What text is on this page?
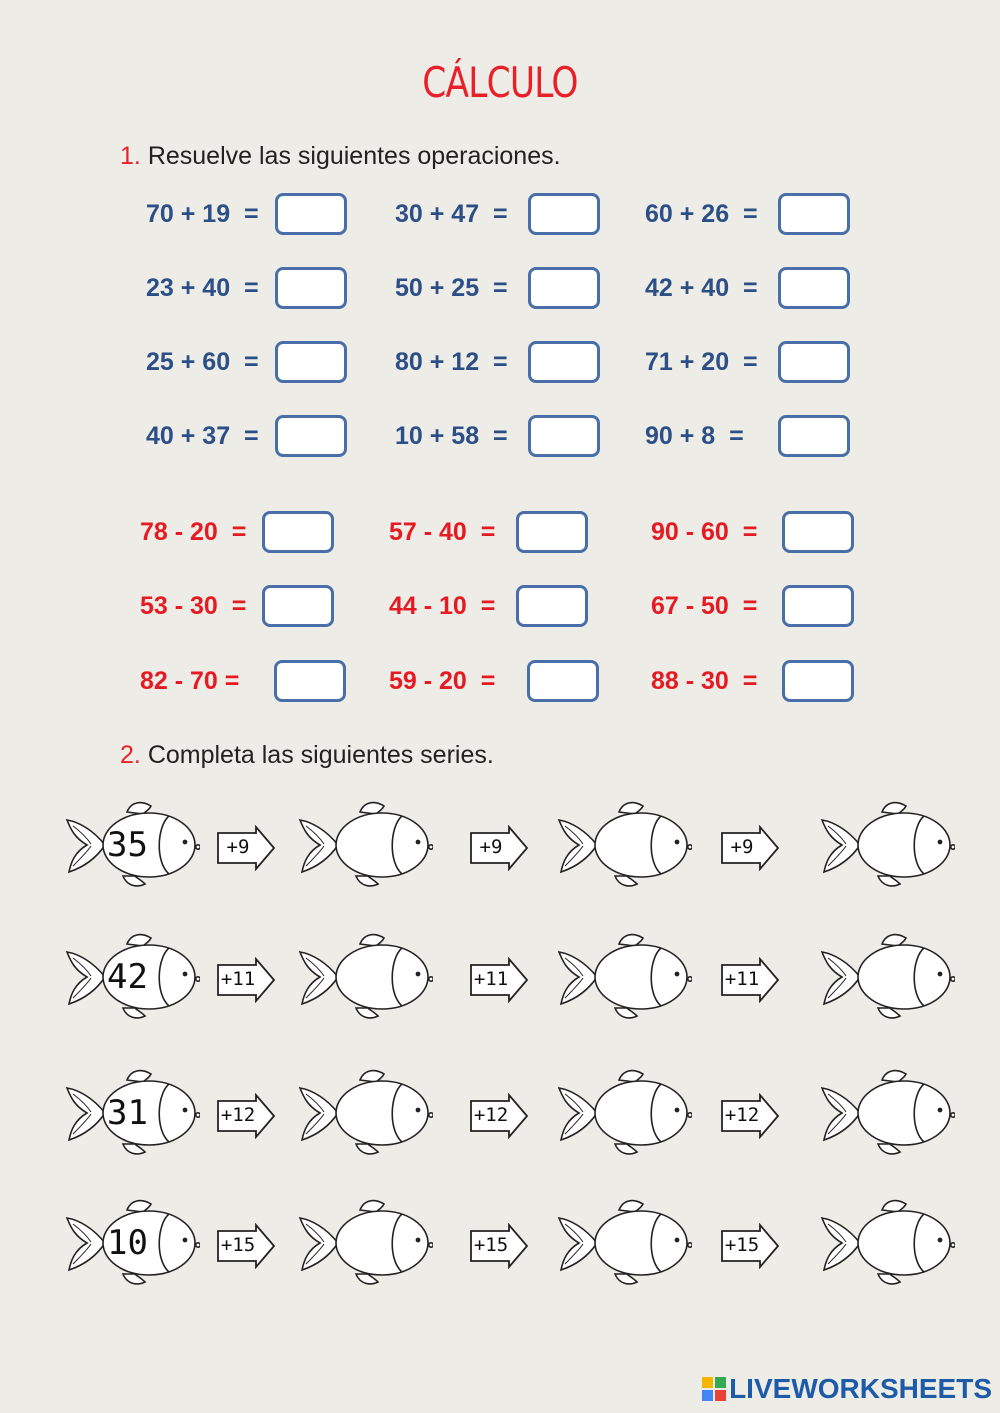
CÁLCULO
1. Resuelve las siguientes operaciones.
70 + 19  =	30 + 47  =	60 + 26  =
23 + 40  =	50 + 25  =	42 + 40  =
25 + 60  =	80 + 12  =	71 + 20  =
40 + 37  =	10 + 58  =	90 + 8  =
78 - 20  =	57 - 40  =	90 - 60  =
53 - 30  =	44 - 10  =	67 - 50  =
82 - 70 =	59 - 20  =	88 - 30  =
2. Completa las siguientes series.
35	+9	+9	+9
42	+11	+11	+11
31	+12	+12	+12
10	+15	+15	+15
LIVEWORKSHEETS
